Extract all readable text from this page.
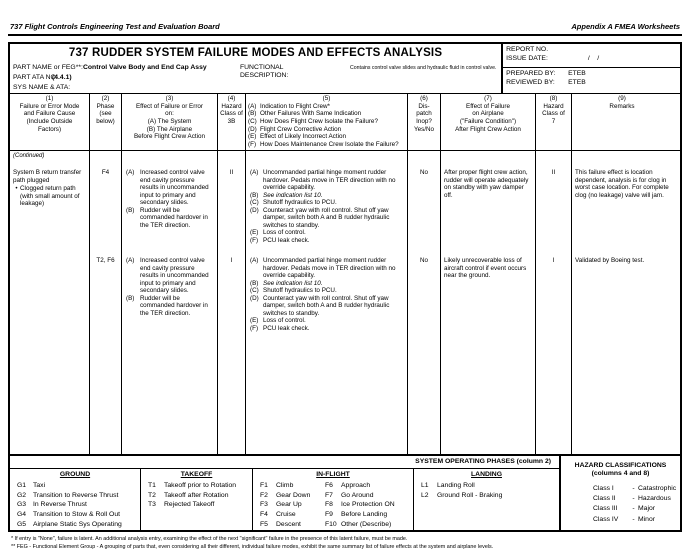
737 Flight Controls Engineering Test and Evaluation Board	Appendix A FMEA Worksheets
737 RUDDER SYSTEM FAILURE MODES AND EFFECTS ANALYSIS
PART NAME or FEG**: Control Valve Body and End Cap Assy
PART ATA NO:
(4.4.1)
SYS NAME & ATA:
FUNCTIONAL
DESCRIPTION:
Contains control valve slides and hydraulic fluid in control valve.
REPORT NO.
ISSUE DATE:	/    /
PREPARED BY:	ETEB
REVIEWED BY:	ETEB
(1)
Failure or Error Mode
and Failure Cause
(Include Outside
Factors)
(2)
Phase
(see
below)
(3)
Effect of Failure or Error
on:
(A) The System
(B) The Airplane
Before Flight Crew Action
(4)
Hazard
Class of
3B
(5)
(A) Indication to Flight Crew*
(B) Other Failures With Same Indication
(C) How Does Flight Crew Isolate the Failure?
(D) Flight Crew Corrective Action
(E) Effect of Likely Incorrect Action
(F) How Does Maintenance Crew Isolate the Failure?
(6)
Dis-
patch
Inop?
Yes/No
(7)
Effect of Failure
on Airplane
("Failure Condition")
After Flight Crew Action
(8)
Hazard
Class of
7
(9)
Remarks
(Continued)
System B return transfer path plugged
• Clogged return path (with small amount of leakage)
F4	(A) Increased control valve end cavity pressure results in uncommanded input to primary and secondary slides.
(B) Rudder will be commanded hardover in the TER direction.
II	(A) Uncommanded partial hinge moment rudder hardover. Pedals move in TER direction with no override capability.
(B) See indication list 10.
(C) Shutoff hydraulics to PCU.
(D) Counteract yaw with roll control. Shut off yaw damper, switch both A and B rudder hydraulic switches to standby.
(E) Loss of control.
(F) PCU leak check.
No	After proper flight crew action, rudder will operate adequately on standby with yaw damper off.
II	This failure effect is location dependent, analysis is for clog in worst case location. For complete clog (no leakage) valve will jam.
T2, F6	(A) Increased control valve end cavity pressure results in uncommanded input to primary and secondary slides.
(B) Rudder will be commanded hardover in the TER direction.
I	(A) Uncommanded partial hinge moment rudder hardover. Pedals move in TER direction with no override capability.
(B) See indication list 10.
(C) Shutoff hydraulics to PCU.
(D) Counteract yaw with roll control. Shut off yaw damper, switch both A and B rudder hydraulic switches to standby.
(E) Loss of control.
(F) PCU leak check.
No	Likely unrecoverable loss of aircraft control if event occurs near the ground.
I	Validated by Boeing test.
SYSTEM OPERATING PHASES (column 2)
GROUND
G1	Taxi
G2	Transition to Reverse Thrust
G3	In Reverse Thrust
G4	Transition to Stow & Roll Out
G5	Airplane Static Sys Operating
TAKEOFF
T1	Takeoff prior to Rotation
T2	Takeoff after Rotation
T3	Rejected Takeoff
IN-FLIGHT
F1	Climb
F2	Gear Down
F3	Gear Up
F4	Cruise
F5	Descent
F6	Approach
F7	Go Around
F8	Ice Protection ON
F9	Before Landing
F10 Other (Describe)
LANDING
L1	Landing Roll
L2	Ground Roll - Braking
HAZARD CLASSIFICATIONS
(columns 4 and 8)
Class I	- Catastrophic
Class II	- Hazardous
Class III	- Major
Class IV	- Minor
* If entry is "None", failure is latent. An additional analysis entry, examining the effect of the next "significant" failure in the presence of this latent failure, must be made.
** FEG - Functional Element Group - A grouping of parts that, even considering all their different, individual failure modes, exhibit the same summary list of failure effects at the system and airplane levels.
